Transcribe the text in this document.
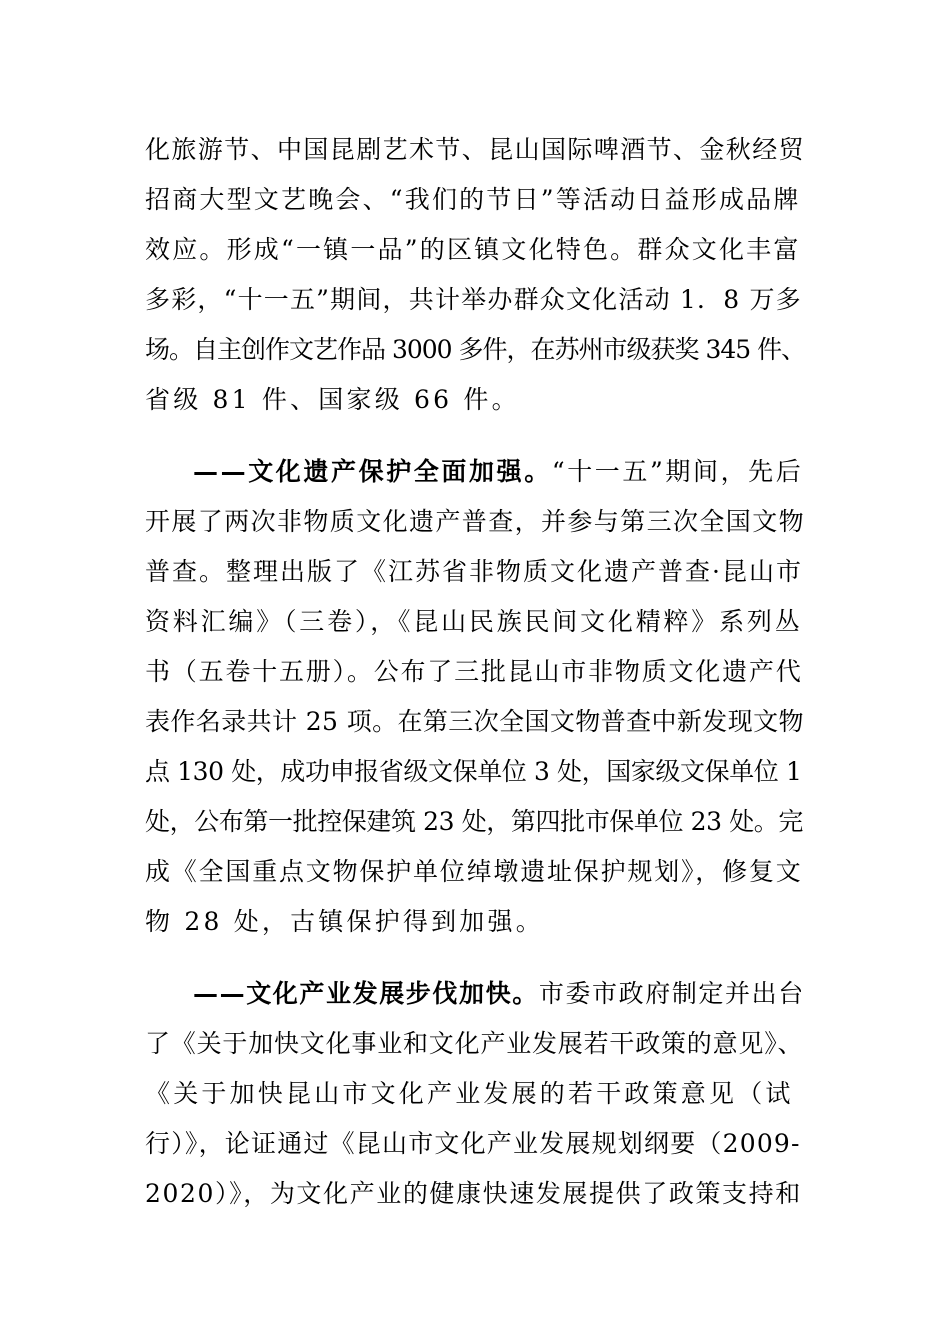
化旅游节、中国昆剧艺术节、昆山国际啤酒节、金秋经贸
招商大型文艺晚会、“我们的节日”等活动日益形成品牌
效应。形成“一镇一品”的区镇文化特色。群众文化丰富
多彩，“十一五”期间，共计举办群众文化活动 1．8 万多
场。自主创作文艺作品 3000 多件，在苏州市级获奖 345 件、
省级 81 件、国家级 66 件。
——文化遗产保护全面加强。“十一五”期间，先后
开展了两次非物质文化遗产普查，并参与第三次全国文物
普查。整理出版了《江苏省非物质文化遗产普查·昆山市
资料汇编》（三卷），《昆山民族民间文化精粹》系列丛
书（五卷十五册）。公布了三批昆山市非物质文化遗产代
表作名录共计 25 项。在第三次全国文物普查中新发现文物
点 130 处，成功申报省级文保单位 3 处，国家级文保单位 1
处，公布第一批控保建筑 23 处，第四批市保单位 23 处。完
成《全国重点文物保护单位绰墩遗址保护规划》，修复文
物 28 处，古镇保护得到加强。
——文化产业发展步伐加快。市委市政府制定并出台
了《关于加快文化事业和文化产业发展若干政策的意见》、
《关于加快昆山市文化产业发展的若干政策意见（试
行）》，论证通过《昆山市文化产业发展规划纲要（2009-
2020）》，为文化产业的健康快速发展提供了政策支持和
